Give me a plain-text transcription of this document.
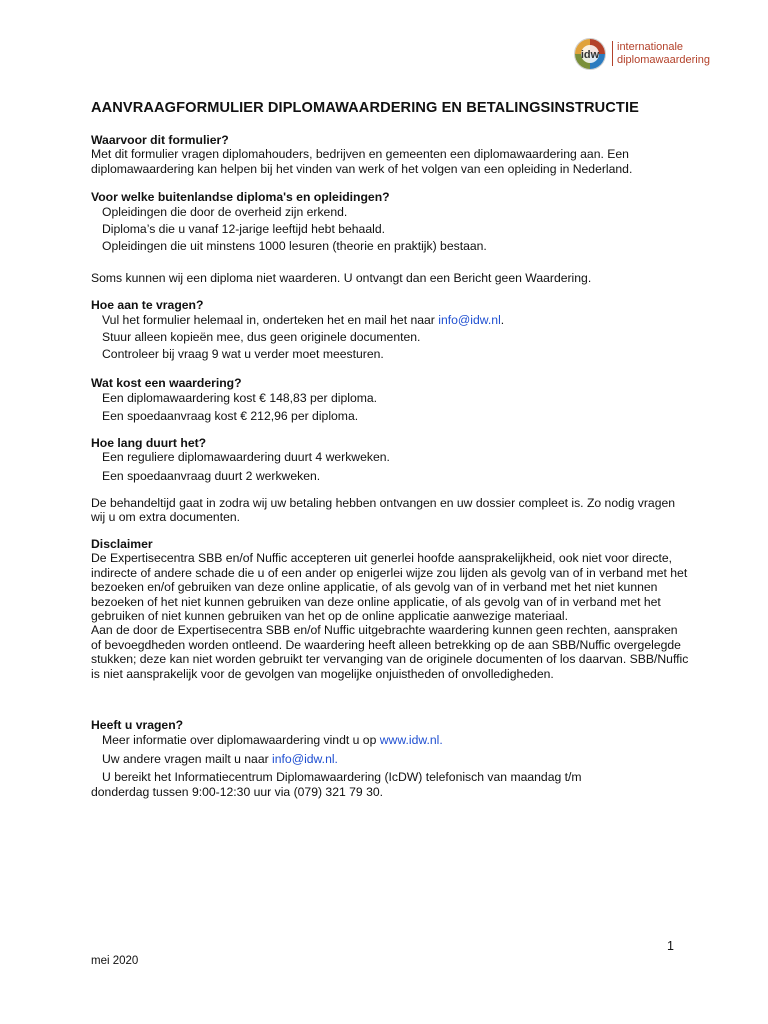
idw
internationale
diplomawaardering
AANVRAAGFORMULIER DIPLOMAWAARDERING EN BETALINGSINSTRUCTIE
Waarvoor dit formulier?
Met dit formulier vragen diplomahouders, bedrijven en gemeenten een diplomawaardering aan. Een diplomawaardering kan helpen bij het vinden van werk of het volgen van een opleiding in Nederland.
Voor welke buitenlandse diploma's en opleidingen?
Opleidingen die door de overheid zijn erkend.
Diploma’s die u vanaf 12-jarige leeftijd hebt behaald.
Opleidingen die uit minstens 1000 lesuren (theorie en praktijk) bestaan.
Soms kunnen wij een diploma niet waarderen. U ontvangt dan een Bericht geen Waardering.
Hoe aan te vragen?
Vul het formulier helemaal in, onderteken het en mail het naar info@idw.nl.
Stuur alleen kopieën mee, dus geen originele documenten.
Controleer bij vraag 9 wat u verder moet meesturen.
Wat kost een waardering?
Een diplomawaardering kost € 148,83 per diploma.
Een spoedaanvraag kost € 212,96 per diploma.
Hoe lang duurt het?
Een reguliere diplomawaardering duurt 4 werkweken.
Een spoedaanvraag duurt 2 werkweken.
De behandeltijd gaat in zodra wij uw betaling hebben ontvangen en uw dossier compleet is. Zo nodig vragen wij u om extra documenten.
Disclaimer
De Expertisecentra SBB en/of Nuffic accepteren uit generlei hoofde aansprakelijkheid, ook niet voor directe, indirecte of andere schade die u of een ander op enigerlei wijze zou lijden als gevolg van of in verband met het bezoeken en/of gebruiken van deze online applicatie, of als gevolg van of in verband met het niet kunnen bezoeken of het niet kunnen gebruiken van deze online applicatie, of als gevolg van of in verband met het gebruiken of niet kunnen gebruiken van het op de online applicatie aanwezige materiaal.
Aan de door de Expertisecentra SBB en/of Nuffic uitgebrachte waardering kunnen geen rechten, aanspraken of bevoegdheden worden ontleend. De waardering heeft alleen betrekking op de aan SBB/Nuffic overgelegde stukken; deze kan niet worden gebruikt ter vervanging van de originele documenten of los daarvan. SBB/Nuffic is niet aansprakelijk voor de gevolgen van mogelijke onjuistheden of onvolledigheden.
Heeft u vragen?
Meer informatie over diplomawaardering vindt u op www.idw.nl.
Uw andere vragen mailt u naar info@idw.nl.
U bereikt het Informatiecentrum Diplomawaardering (IcDW) telefonisch van maandag t/m
donderdag tussen 9:00-12:30 uur via (079) 321 79 30.
1
mei 2020
